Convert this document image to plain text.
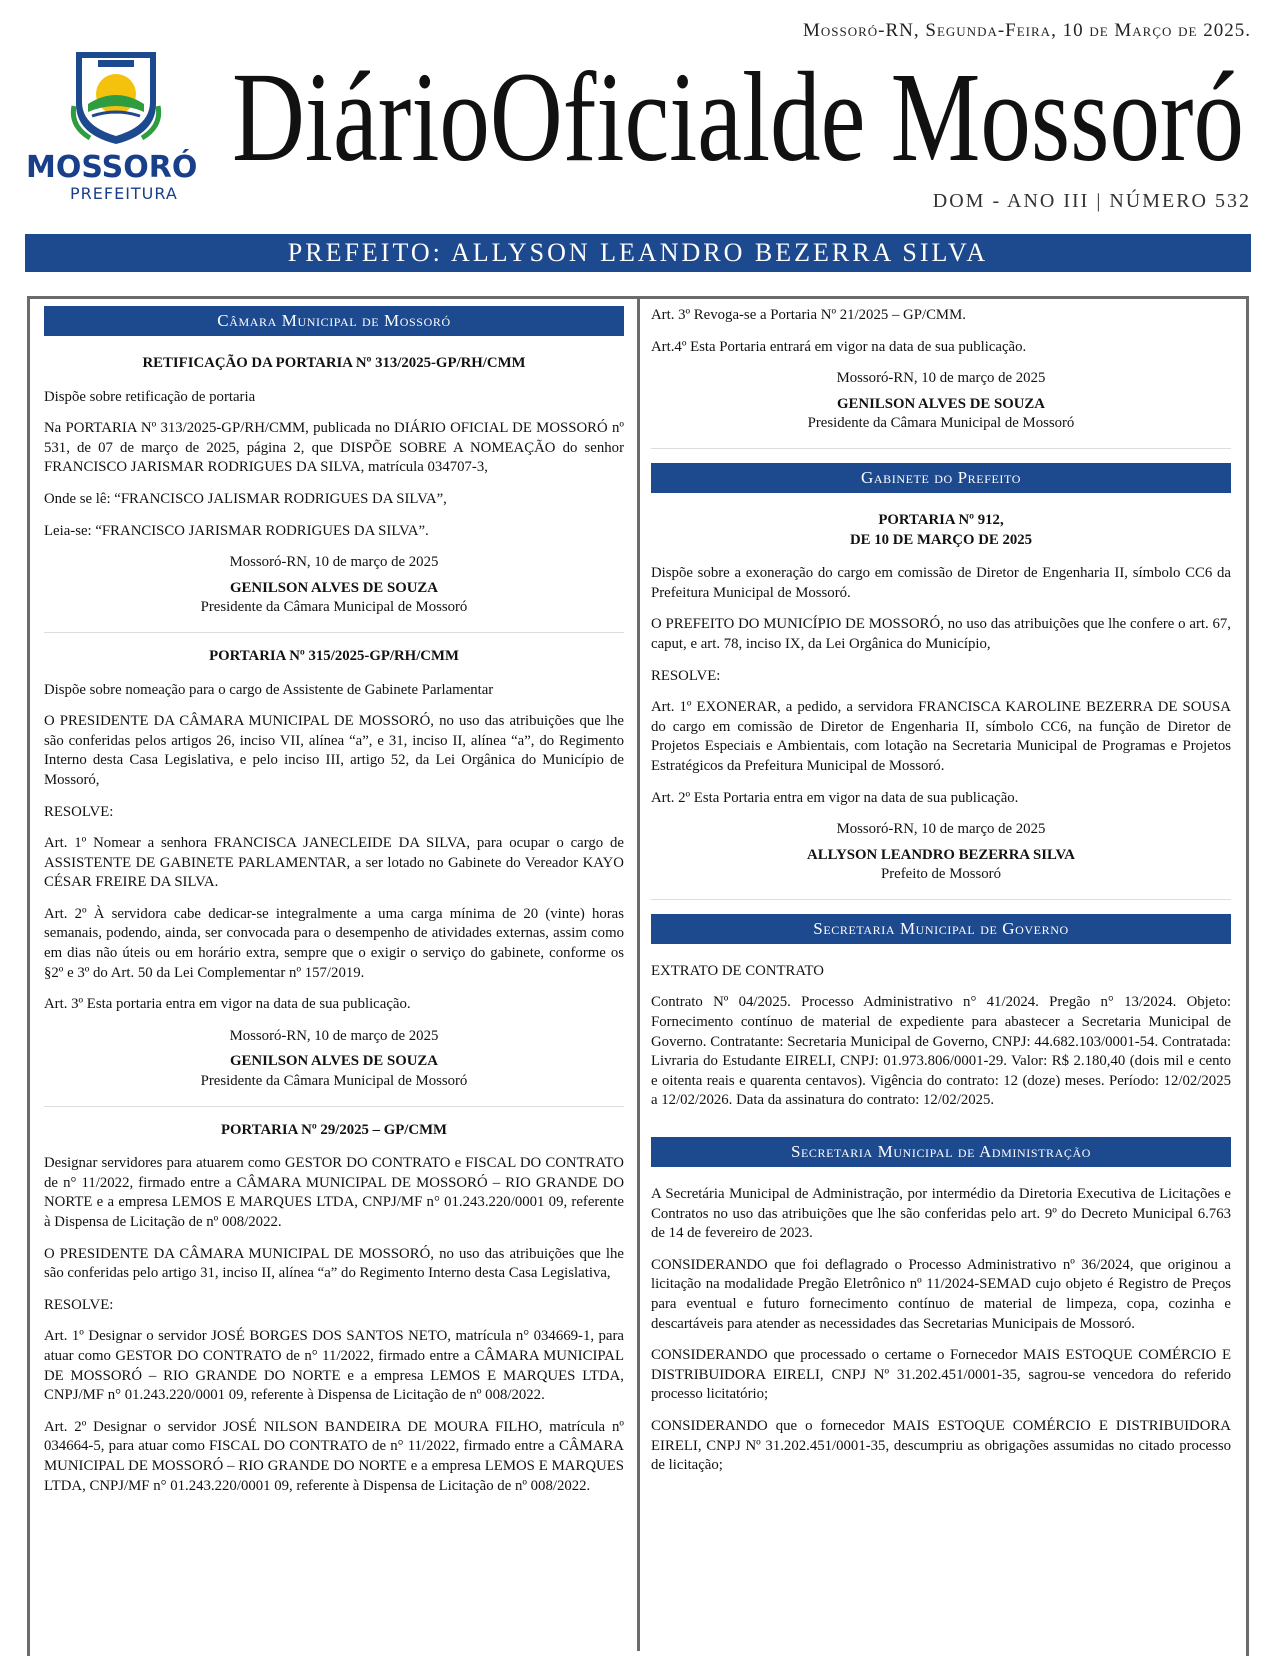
Mossoró-RN, Segunda-Feira, 10 de Março de 2025.
MOSSORÓ
PREFEITURA
DiárioOficialde Mossoró
DOM - ANO III | NÚMERO 532
PREFEITO: ALLYSON LEANDRO BEZERRA SILVA
Câmara Municipal de Mossoró
RETIFICAÇÃO DA PORTARIA Nº 313/2025-GP/RH/CMM

Dispõe sobre retificação de portaria

Na PORTARIA Nº 313/2025-GP/RH/CMM, publicada no DIÁRIO OFICIAL DE MOSSORÓ nº 531, de 07 de março de 2025, página 2, que DISPÕE SOBRE A NOMEAÇÃO do senhor FRANCISCO JARISMAR RODRIGUES DA SILVA, matrícula 034707-3,

Onde se lê: “FRANCISCO JALISMAR RODRIGUES DA SILVA”,

Leia-se: “FRANCISCO JARISMAR RODRIGUES DA SILVA”.

Mossoró-RN, 10 de março de 2025
GENILSON ALVES DE SOUZA
Presidente da Câmara Municipal de Mossoró
PORTARIA Nº 315/2025-GP/RH/CMM

Dispõe sobre nomeação para o cargo de Assistente de Gabinete Parlamentar

O PRESIDENTE DA CÂMARA MUNICIPAL DE MOSSORÓ, no uso das atribuições que lhe são conferidas pelos artigos 26, inciso VII, alínea “a”, e 31, inciso II, alínea “a”, do Regimento Interno desta Casa Legislativa, e pelo inciso III, artigo 52, da Lei Orgânica do Município de Mossoró,

RESOLVE:

Art. 1º Nomear a senhora FRANCISCA JANECLEIDE DA SILVA, para ocupar o cargo de ASSISTENTE DE GABINETE PARLAMENTAR, a ser lotado no Gabinete do Vereador KAYO CÉSAR FREIRE DA SILVA.

Art. 2º À servidora cabe dedicar-se integralmente a uma carga mínima de 20 (vinte) horas semanais, podendo, ainda, ser convocada para o desempenho de atividades externas, assim como em dias não úteis ou em horário extra, sempre que o exigir o serviço do gabinete, conforme os §2º e 3º do Art. 50 da Lei Complementar nº 157/2019.

Art. 3º Esta portaria entra em vigor na data de sua publicação.

Mossoró-RN, 10 de março de 2025
GENILSON ALVES DE SOUZA
Presidente da Câmara Municipal de Mossoró
PORTARIA Nº 29/2025 – GP/CMM

Designar servidores para atuarem como GESTOR DO CONTRATO e FISCAL DO CONTRATO de n° 11/2022, firmado entre a CÂMARA MUNICIPAL DE MOSSORÓ – RIO GRANDE DO NORTE e a empresa LEMOS E MARQUES LTDA, CNPJ/MF n° 01.243.220/0001 09, referente à Dispensa de Licitação de nº 008/2022.

O PRESIDENTE DA CÂMARA MUNICIPAL DE MOSSORÓ, no uso das atribuições que lhe são conferidas pelo artigo 31, inciso II, alínea “a” do Regimento Interno desta Casa Legislativa,

RESOLVE:

Art. 1º Designar o servidor JOSÉ BORGES DOS SANTOS NETO, matrícula n° 034669-1, para atuar como GESTOR DO CONTRATO de n° 11/2022, firmado entre a CÂMARA MUNICIPAL DE MOSSORÓ – RIO GRANDE DO NORTE e a empresa LEMOS E MARQUES LTDA, CNPJ/MF n° 01.243.220/0001 09, referente à Dispensa de Licitação de nº 008/2022.

Art. 2º Designar o servidor JOSÉ NILSON BANDEIRA DE MOURA FILHO, matrícula nº 034664-5, para atuar como FISCAL DO CONTRATO de n° 11/2022, firmado entre a CÂMARA MUNICIPAL DE MOSSORÓ – RIO GRANDE DO NORTE e a empresa LEMOS E MARQUES LTDA, CNPJ/MF n° 01.243.220/0001 09, referente à Dispensa de Licitação de nº 008/2022.

Art. 3º Revoga-se a Portaria Nº 21/2025 – GP/CMM.

Art.4º Esta Portaria entrará em vigor na data de sua publicação.

Mossoró-RN, 10 de março de 2025
GENILSON ALVES DE SOUZA
Presidente da Câmara Municipal de Mossoró
Gabinete do Prefeito
PORTARIA Nº 912,
DE 10 DE MARÇO DE 2025

Dispõe sobre a exoneração do cargo em comissão de Diretor de Engenharia II, símbolo CC6 da Prefeitura Municipal de Mossoró.

O PREFEITO DO MUNICÍPIO DE MOSSORÓ, no uso das atribuições que lhe confere o art. 67, caput, e art. 78, inciso IX, da Lei Orgânica do Município,

RESOLVE:

Art. 1º EXONERAR, a pedido, a servidora FRANCISCA KAROLINE BEZERRA DE SOUSA do cargo em comissão de Diretor de Engenharia II, símbolo CC6, na função de Diretor de Projetos Especiais e Ambientais, com lotação na Secretaria Municipal de Programas e Projetos Estratégicos da Prefeitura Municipal de Mossoró.

Art. 2º Esta Portaria entra em vigor na data de sua publicação.

Mossoró-RN, 10 de março de 2025
ALLYSON LEANDRO BEZERRA SILVA
Prefeito de Mossoró
Secretaria Municipal de Governo

EXTRATO DE CONTRATO

Contrato Nº 04/2025. Processo Administrativo n° 41/2024. Pregão n° 13/2024. Objeto: Fornecimento contínuo de material de expediente para abastecer a Secretaria Municipal de Governo. Contratante: Secretaria Municipal de Governo, CNPJ: 44.682.103/0001-54. Contratada: Livraria do Estudante EIRELI, CNPJ: 01.973.806/0001-29. Valor: R$ 2.180,40 (dois mil e cento e oitenta reais e quarenta centavos). Vigência do contrato: 12 (doze) meses. Período: 12/02/2025 a 12/02/2026. Data da assinatura do contrato: 12/02/2025.

Secretaria Municipal de Administração

A Secretária Municipal de Administração, por intermédio da Diretoria Executiva de Licitações e Contratos no uso das atribuições que lhe são conferidas pelo art. 9º do Decreto Municipal 6.763 de 14 de fevereiro de 2023.

CONSIDERANDO que foi deflagrado o Processo Administrativo nº 36/2024, que originou a licitação na modalidade Pregão Eletrônico nº 11/2024-SEMAD cujo objeto é Registro de Preços para eventual e futuro fornecimento contínuo de material de limpeza, copa, cozinha e descartáveis para atender as necessidades das Secretarias Municipais de Mossoró.

CONSIDERANDO que processado o certame o Fornecedor MAIS ESTOQUE COMÉRCIO E DISTRIBUIDORA EIRELI, CNPJ Nº 31.202.451/0001-35, sagrou-se vencedora do referido processo licitatório;

CONSIDERANDO que o fornecedor MAIS ESTOQUE COMÉRCIO E DISTRIBUIDORA EIRELI, CNPJ Nº 31.202.451/0001-35, descumpriu as obrigações assumidas no citado processo de licitação;
